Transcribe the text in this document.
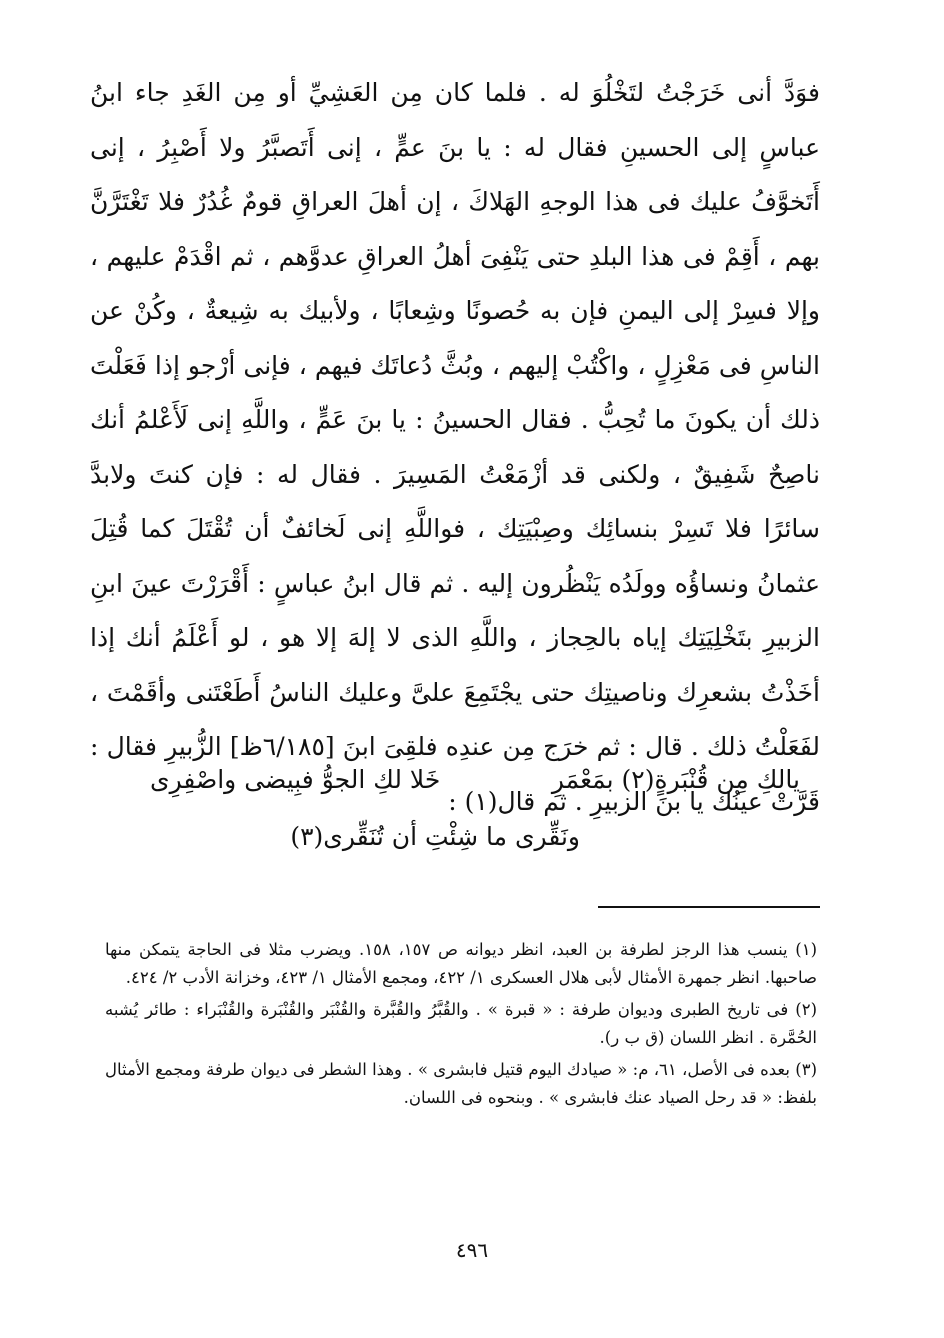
فوَدَّ أنى خَرَجْتُ لتَخْلُوَ له . فلما كان مِن العَشِيِّ أو مِن الغَدِ جاء ابنُ عباسٍ إلى الحسينِ فقال له : يا بنَ عمٍّ ، إنى أَتَصبَّرُ ولا أَصْبِرُ ، إنى أَتَخوَّفُ عليك فى هذا الوجهِ الهَلاكَ ، إن أهلَ العراقِ قومٌ غُدُرٌ فلا تَغْتَرَّنَّ بهم ، أَقِمْ فى هذا البلدِ حتى يَنْفِىَ أهلُ العراقِ عدوَّهم ، ثم اقْدَمْ عليهم ، وإلا فسِرْ إلى اليمنِ فإن به حُصونًا وشِعابًا ، ولأبيك به شِيعةٌ ، وكُنْ عن الناسِ فى مَعْزِلٍ ، واكْتُبْ إليهم ، وبُثَّ دُعاتَك فيهم ، فإنى أرْجو إذا فَعَلْتَ ذلك أن يكونَ ما تُحِبُّ . فقال الحسينُ : يا بنَ عَمٍّ ، واللَّهِ إنى لَأَعْلمُ أنك ناصِحٌ شَفِيقٌ ، ولكنى قد أزْمَعْتُ المَسِيرَ . فقال له : فإن كنتَ ولابدَّ سائرًا فلا تَسِرْ بنسائِك وصِبْيَتِك ، فواللَّهِ إنى لَخائفٌ أن تُقْتَلَ كما قُتِلَ عثمانُ ونساؤُه وولَدُه يَنْظُرون إليه . ثم قال ابنُ عباسٍ : أَقْرَرْتَ عينَ ابنِ الزبيرِ بتَخْلِيَتِك إياه بالحِجاز ، واللَّهِ الذى لا إلهَ إلا هو ، لو أَعْلَمُ أنك إذا أخَذْتُ بشعرِك وناصيتِك حتى يجْتَمِعَ علىَّ وعليك الناسُ أَطَعْتَنى وأقَمْتَ ، لفَعَلْتُ ذلك . قال : ثم خرَج مِن عندِه فلقِىَ ابنَ [٦/١٨٥ظ] الزُّبيرِ فقال : قَرَّتْ عينُك يا بنَ الزبيرِ . ثم قال(١) :

يالكِ مِن قُنْبَرةٍ(٢) بمَعْمَرِ
خَلا لكِ الجوُّ فبِيضى واصْفِرِى
ونَقِّرى ما شِئْتِ أن تُنَقِّرى(٣)

(١) ينسب هذا الرجز لطرفة بن العبد، انظر ديوانه ص ١٥٧، ١٥٨. ويضرب مثلا فى الحاجة يتمكن منها صاحبها. انظر جمهرة الأمثال لأبى هلال العسكرى ١/ ٤٢٢، ومجمع الأمثال ١/ ٤٢٣، وخزانة الأدب ٢/ ٤٢٤.

(٢) فى تاريخ الطبرى وديوان طرفة : « قبرة » . والقُبَّرُ والقُبَّرة والقُنْبَر والقُنْبَرة والقُنْبَراء : طائر يُشبه الحُمَّرة . انظر اللسان (ق ب ر).

(٣) بعده فى الأصل، ٦١، م: « صيادك اليوم قتيل فابشرى » . وهذا الشطر فى ديوان طرفة ومجمع الأمثال بلفظ: « قد رحل الصياد عنك فابشرى » . وبنحوه فى اللسان.

٤٩٦
